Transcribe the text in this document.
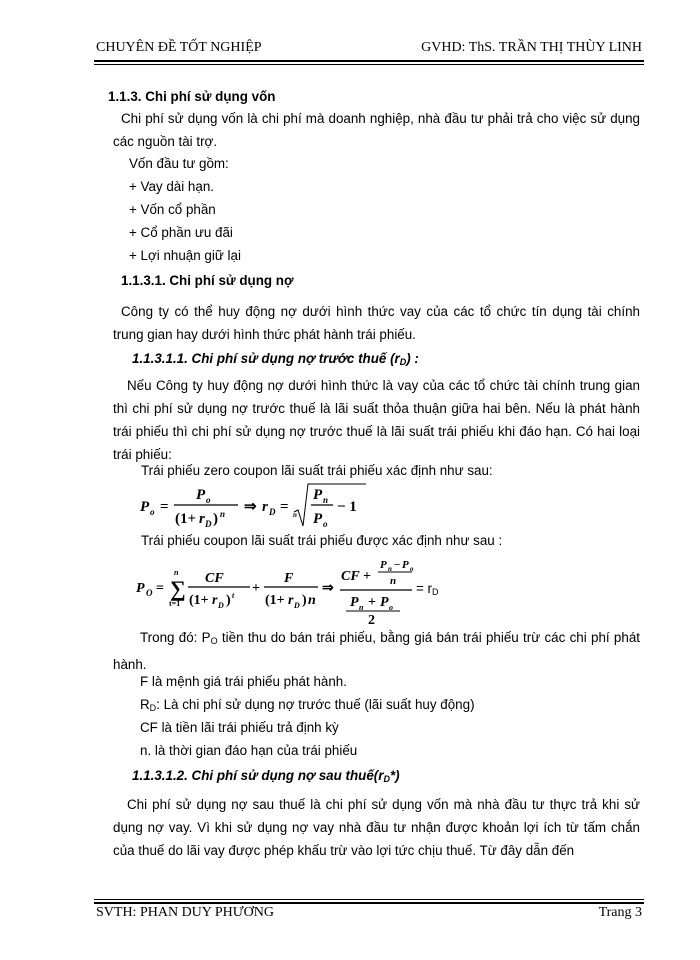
CHUYÊN ĐỀ TỐT NGHIỆP	GVHD: ThS. TRẦN THỊ THÙY LINH
1.1.3. Chi phí sử dụng vốn
Chi phí sử dụng vốn là chi phí mà doanh nghiệp, nhà đầu tư phải trả cho việc sử dụng các nguồn tài trợ.
Vốn đầu tư gồm:
+ Vay dài hạn.
+ Vốn cổ phần
+ Cổ phần ưu đãi
+ Lợi nhuận giữ lại
1.1.3.1. Chi phí sử dụng nợ
Công ty có thể huy động nợ dưới hình thức vay của các tổ chức tín dụng tài chính trung gian hay dưới hình thức phát hành trái phiếu.
1.1.3.1.1. Chi phí sử dụng nợ trước thuế $(r_D)$ :
Nếu Công ty huy động nợ dưới hình thức là vay của các tổ chức tài chính trung gian thì chi phí sử dụng nợ trước thuế là lãi suất thỏa thuận giữa hai bên. Nếu là phát hành trái phiếu thì chi phí sử dụng nợ trước thuế là lãi suất trái phiếu khi đáo hạn. Có hai loại trái phiếu:
Trái phiếu zero coupon lãi suất trái phiếu xác định như sau:
P o =
P o
(1+ r D ) n ⇒ r D = n
P n
P o
− 1
Trái phiếu coupon lãi suất trái phiếu được xác định như sau :
P O =
n
∑
t=1
CF
(1+ r D ) t +
F
(1+ r D ) n
⇒
CF +
P n − P o
n
P n + P o
2
= $r_D$
Trong đó: $P_O$ tiền thu do bán trái phiếu, bằng giá bán trái phiếu trừ các chi phí phát hành.
F là mệnh giá trái phiếu phát hành.
$R_D$: Là chi phí sử dụng nợ trước thuế (lãi suất huy động)
CF là tiền lãi trái phiếu trả định kỳ
n. là thời gian đáo hạn của trái phiếu
1.1.3.1.2. Chi phí sử dụng nợ sau $thuế(r_D*)$
Chi phí sử dụng nợ sau thuế là chi phí sử dụng vốn mà nhà đầu tư thực trả khi sử dụng nợ vay. Vì khi sử dụng nợ vay nhà đầu tư nhận được khoản lợi ích từ tấm chắn của thuế do lãi vay được phép khấu trừ vào lợi tức chịu thuế. Từ đây dẫn đến
SVTH: PHAN DUY PHƯƠNG	Trang 3
